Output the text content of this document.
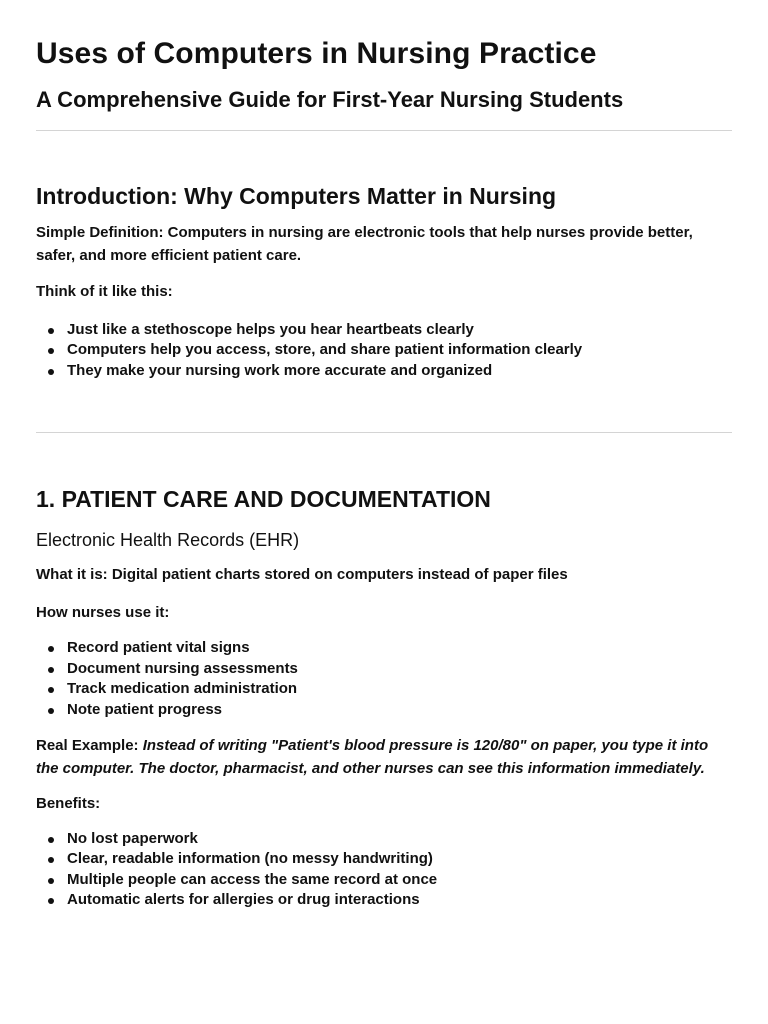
Uses of Computers in Nursing Practice
A Comprehensive Guide for First-Year Nursing Students
Introduction: Why Computers Matter in Nursing

Simple Definition: Computers in nursing are electronic tools that help nurses provide better, safer, and more efficient patient care.

Think of it like this:

Just like a stethoscope helps you hear heartbeats clearly
Computers help you access, store, and share patient information clearly
They make your nursing work more accurate and organized
1. PATIENT CARE AND DOCUMENTATION
Electronic Health Records (EHR)

What it is: Digital patient charts stored on computers instead of paper files

How nurses use it:

Record patient vital signs
Document nursing assessments
Track medication administration
Note patient progress

Real Example: Instead of writing "Patient's blood pressure is 120/80" on paper, you type it into the computer. The doctor, pharmacist, and other nurses can see this information immediately.

Benefits:

No lost paperwork
Clear, readable information (no messy handwriting)
Multiple people can access the same record at once
Automatic alerts for allergies or drug interactions
